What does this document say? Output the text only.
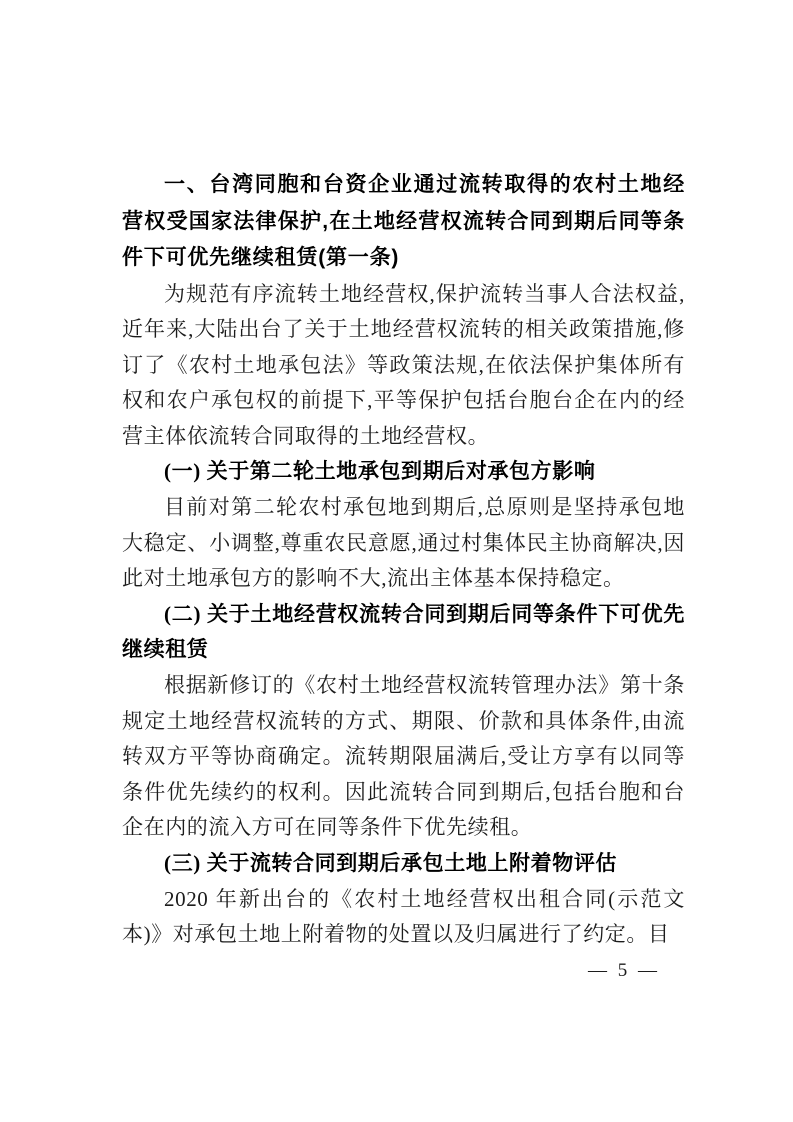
一、台湾同胞和台资企业通过流转取得的农村土地经营权受国家法律保护,在土地经营权流转合同到期后同等条件下可优先继续租赁(第一条)

为规范有序流转土地经营权,保护流转当事人合法权益,近年来,大陆出台了关于土地经营权流转的相关政策措施,修订了《农村土地承包法》等政策法规,在依法保护集体所有权和农户承包权的前提下,平等保护包括台胞台企在内的经营主体依流转合同取得的土地经营权。

(一) 关于第二轮土地承包到期后对承包方影响

目前对第二轮农村承包地到期后,总原则是坚持承包地大稳定、小调整,尊重农民意愿,通过村集体民主协商解决,因此对土地承包方的影响不大,流出主体基本保持稳定。

(二) 关于土地经营权流转合同到期后同等条件下可优先继续租赁

根据新修订的《农村土地经营权流转管理办法》第十条规定土地经营权流转的方式、期限、价款和具体条件,由流转双方平等协商确定。流转期限届满后,受让方享有以同等条件优先续约的权利。因此流转合同到期后,包括台胞和台企在内的流入方可在同等条件下优先续租。

(三) 关于流转合同到期后承包土地上附着物评估

2020 年新出台的《农村土地经营权出租合同(示范文本)》对承包土地上附着物的处置以及归属进行了约定。目

— 5 —
